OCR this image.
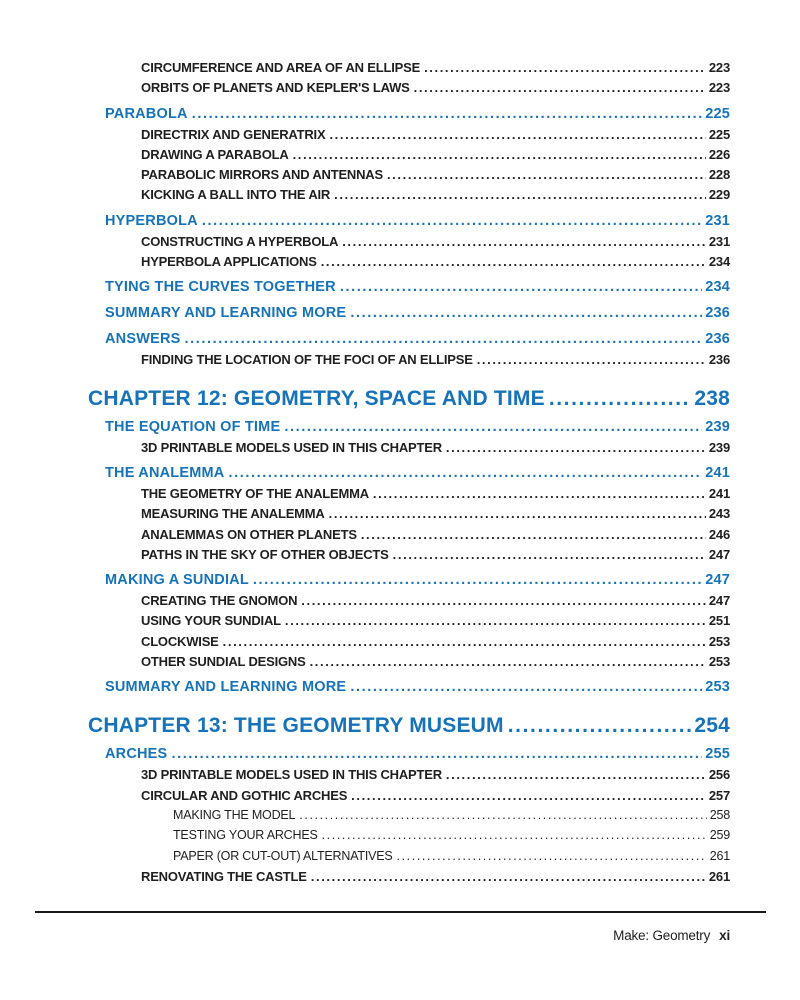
CIRCUMFERENCE AND AREA OF AN ELLIPSE .....	223
ORBITS OF PLANETS AND KEPLER'S LAWS .....	223
PARABOLA .....	225
DIRECTRIX AND GENERATRIX .....	225
DRAWING A PARABOLA .....	226
PARABOLIC MIRRORS AND ANTENNAS .....	228
KICKING A BALL INTO THE AIR .....	229
HYPERBOLA .....	231
CONSTRUCTING A HYPERBOLA .....	231
HYPERBOLA APPLICATIONS .....	234
TYING THE CURVES TOGETHER .....	234
SUMMARY AND LEARNING MORE .....	236
ANSWERS .....	236
FINDING THE LOCATION OF THE FOCI OF AN ELLIPSE .....	236
CHAPTER 12: GEOMETRY, SPACE AND TIME .....	238
THE EQUATION OF TIME .....	239
3D PRINTABLE MODELS USED IN THIS CHAPTER .....	239
THE ANALEMMA .....	241
THE GEOMETRY OF THE ANALEMMA .....	241
MEASURING THE ANALEMMA .....	243
ANALEMMAS ON OTHER PLANETS .....	246
PATHS IN THE SKY OF OTHER OBJECTS .....	247
MAKING A SUNDIAL .....	247
CREATING THE GNOMON .....	247
USING YOUR SUNDIAL .....	251
CLOCKWISE .....	253
OTHER SUNDIAL DESIGNS .....	253
SUMMARY AND LEARNING MORE .....	253
CHAPTER 13: THE GEOMETRY MUSEUM .....	254
ARCHES .....	255
3D PRINTABLE MODELS USED IN THIS CHAPTER .....	256
CIRCULAR AND GOTHIC ARCHES .....	257
MAKING THE MODEL .....	258
TESTING YOUR ARCHES .....	259
PAPER (OR CUT-OUT) ALTERNATIVES .....	261
RENOVATING THE CASTLE .....	261
Make: Geometry xi
